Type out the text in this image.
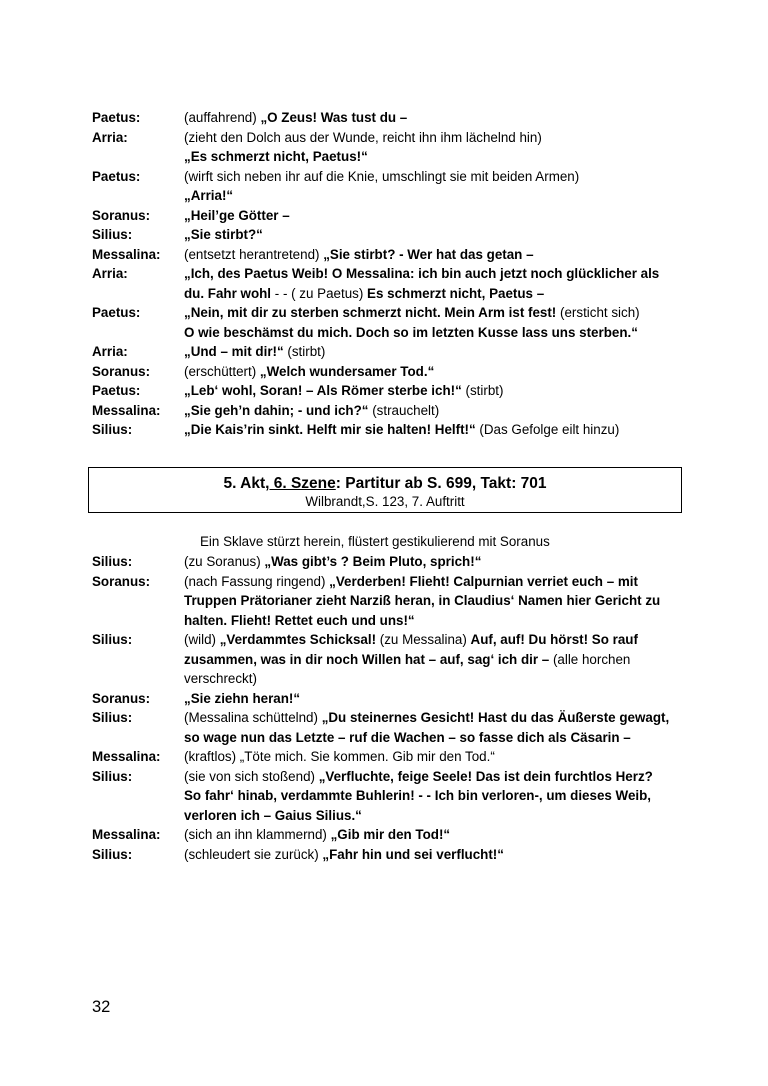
Paetus:	(auffahrend) „O Zeus! Was tust du –
Arria:	(zieht den Dolch aus der Wunde, reicht ihn ihm lächelnd hin)
„Es schmerzt nicht, Paetus!“
Paetus:	(wirft sich neben ihr auf die Knie, umschlingt sie mit beiden Armen)
„Arria!“
Soranus:	„Heil’ge Götter –
Silius:	„Sie stirbt?“
Messalina:	(entsetzt herantretend) „Sie stirbt? - Wer hat das getan –
Arria:	„Ich, des Paetus Weib! O Messalina: ich bin auch jetzt noch glücklicher als
du. Fahr wohl - - ( zu Paetus) Es schmerzt nicht, Paetus –
Paetus:	„Nein, mit dir zu sterben schmerzt nicht. Mein Arm ist fest! (ersticht sich)
O wie beschämst du mich. Doch so im letzten Kusse lass uns sterben.“
Arria:	„Und – mit dir!“ (stirbt)
Soranus:	(erschüttert) „Welch wundersamer Tod.“
Paetus:	„Leb‘ wohl, Soran! – Als Römer sterbe ich!“ (stirbt)
Messalina:	„Sie geh’n dahin; - und ich?“ (strauchelt)
Silius:	„Die Kais’rin sinkt. Helft mir sie halten! Helft!“ (Das Gefolge eilt hinzu)
5. Akt, 6. Szene: Partitur ab S. 699, Takt: 701
Wilbrandt,S. 123, 7. Auftritt
Ein Sklave stürzt herein, flüstert gestikulierend mit Soranus
Silius:	(zu Soranus) „Was gibt’s ? Beim Pluto, sprich!“
Soranus:	(nach Fassung ringend) „Verderben! Flieht! Calpurnian verriet euch – mit
Truppen Prätorianer zieht Narziß heran, in Claudius‘ Namen hier Gericht zu
halten. Flieht! Rettet euch und uns!“
Silius:	(wild) „Verdammtes Schicksal! (zu Messalina) Auf, auf! Du hörst! So rauf
zusammen, was in dir noch Willen hat – auf, sag‘ ich dir – (alle horchen
verschreckt)
Soranus:	„Sie ziehn heran!“
Silius:	(Messalina schüttelnd) „Du steinernes Gesicht! Hast du das Äußerste gewagt,
so wage nun das Letzte – ruf die Wachen – so fasse dich als Cäsarin –
Messalina:	(kraftlos) „Töte mich. Sie kommen. Gib mir den Tod.“
Silius:	(sie von sich stoßend) „Verfluchte, feige Seele! Das ist dein furchtlos Herz?
So fahr‘ hinab, verdammte Buhlerin! - - Ich bin verloren-, um dieses Weib,
verloren ich – Gaius Silius.“
Messalina:	(sich an ihn klammernd) „Gib mir den Tod!“
Silius:	(schleudert sie zurück) „Fahr hin und sei verflucht!“
32
